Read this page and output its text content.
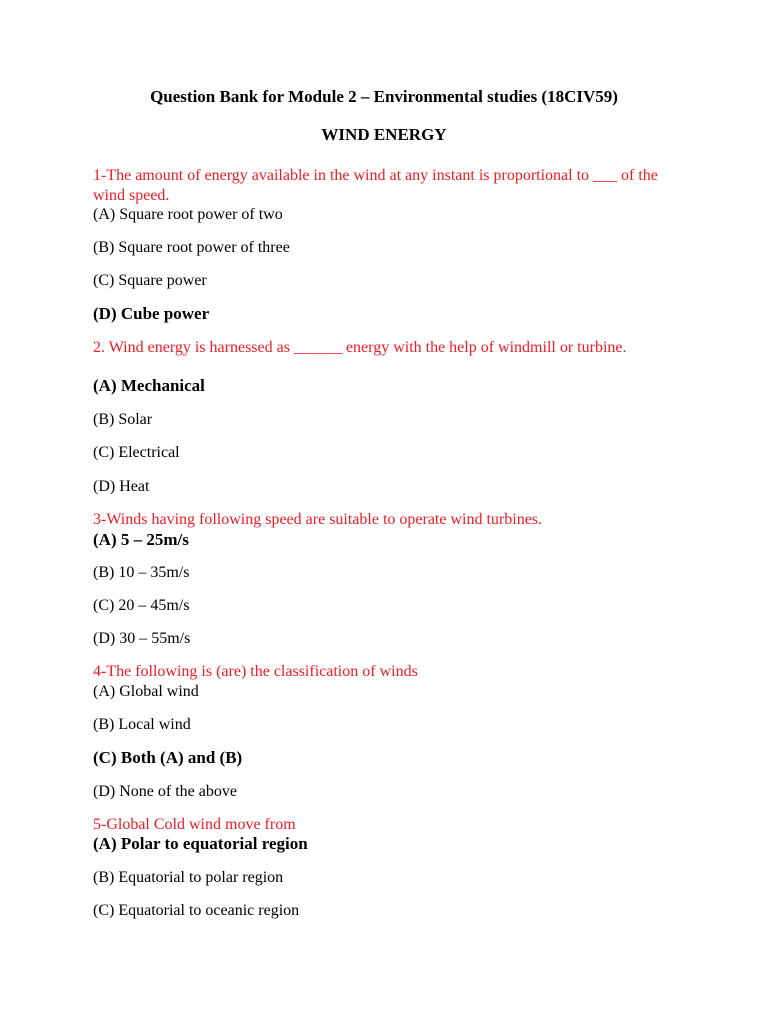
Question Bank for Module 2 – Environmental studies (18CIV59)
WIND ENERGY
1-The amount of energy available in the wind at any instant is proportional to ___ of the wind speed.
(A) Square root power of two
(B) Square root power of three
(C) Square power
(D) Cube power
2. Wind energy is harnessed as ______ energy with the help of windmill or turbine.
(A) Mechanical
(B) Solar
(C) Electrical
(D) Heat
3-Winds having following speed are suitable to operate wind turbines.
(A) 5 – 25m/s
(B) 10 – 35m/s
(C) 20 – 45m/s
(D) 30 – 55m/s
4-The following is (are) the classification of winds
(A) Global wind
(B) Local wind
(C) Both (A) and (B)
(D) None of the above
5-Global Cold wind move from
(A) Polar to equatorial region
(B) Equatorial to polar region
(C) Equatorial to oceanic region
